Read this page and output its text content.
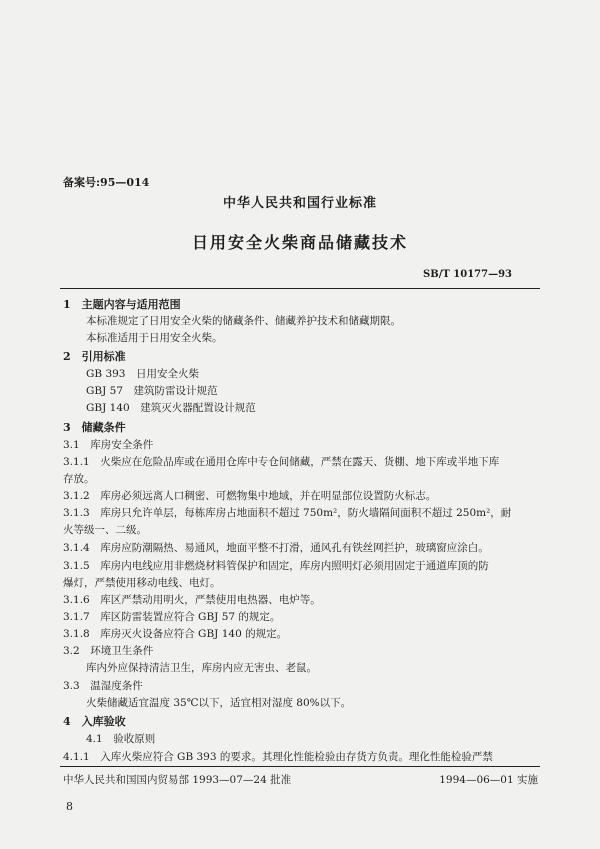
备案号:95—014
中华人民共和国行业标准
日用安全火柴商品储藏技术
SB/T 10177—93
1　主题内容与适用范围
本标准规定了日用安全火柴的储藏条件、储藏养护技术和储藏期限。
本标准适用于日用安全火柴。
2　引用标准
GB 393　日用安全火柴
GBJ 57　建筑防雷设计规范
GBJ 140　建筑灭火器配置设计规范
3　储藏条件
3.1　库房安全条件
3.1.1　火柴应在危险品库或在通用仓库中专仓间储藏，严禁在露天、货棚、地下库或半地下库
存放。
3.1.2　库房必须远离人口稠密、可燃物集中地域，并在明显部位设置防火标志。
3.1.3　库房只允许单层，每栋库房占地面积不超过 750m²，防火墙隔间面积不超过 250m²，耐
火等级一、二级。
3.1.4　库房应防潮隔热、易通风，地面平整不打滑，通风孔有铁丝网拦护，玻璃窗应涂白。
3.1.5　库房内电线应用非燃烧材料管保护和固定，库房内照明灯必须用固定于通道库顶的防
爆灯，严禁使用移动电线、电灯。
3.1.6　库区严禁动用明火，严禁使用电热器、电炉等。
3.1.7　库区防雷装置应符合 GBJ 57 的规定。
3.1.8　库房灭火设备应符合 GBJ 140 的规定。
3.2　环境卫生条件
库内外应保持清洁卫生，库房内应无害虫、老鼠。
3.3　温湿度条件
火柴储藏适宜温度 35℃以下，适宜相对湿度 80%以下。
4　入库验收
4.1　验收原则
4.1.1　入库火柴应符合 GB 393 的要求。其理化性能检验由存货方负责。理化性能检验严禁
中华人民共和国国内贸易部 1993—07—24 批准	1994—06—01 实施
8
